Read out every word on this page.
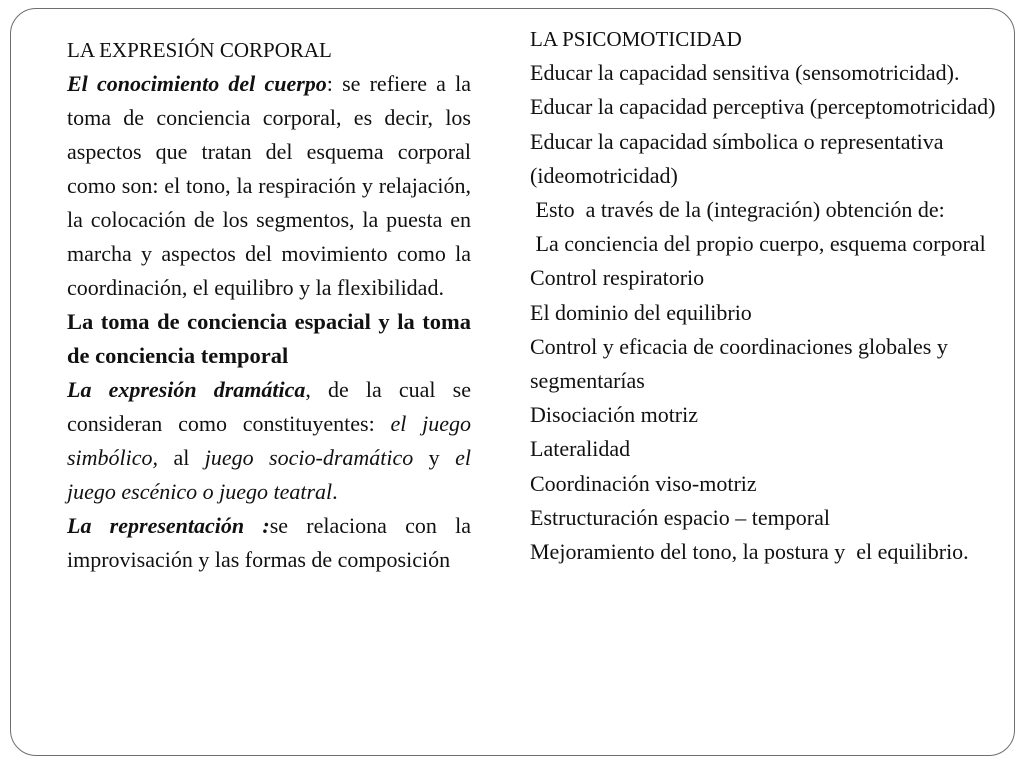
LA EXPRESIÓN CORPORAL
El conocimiento del cuerpo: se refiere a la toma de conciencia corporal, es decir, los aspectos que tratan del esquema corporal como son: el tono, la respiración y relajación, la colocación de los segmentos, la puesta en marcha y aspectos del movimiento como la coordinación, el equilibro y la flexibilidad.
La toma de conciencia espacial y la toma de conciencia temporal
La expresión dramática, de la cual se consideran como constituyentes: el juego simbólico, al juego socio-dramático y el juego escénico o juego teatral.
La representación :se relaciona con la improvisación y las formas de composición
LA PSICOMOTICIDAD
Educar la capacidad sensitiva (sensomotricidad).
Educar la capacidad perceptiva (perceptomotricidad)
Educar la capacidad símbolica o representativa (ideomotricidad)
Esto  a través de la (integración) obtención de:
La conciencia del propio cuerpo, esquema corporal
Control respiratorio
El dominio del equilibrio
Control y eficacia de coordinaciones globales y segmentarías
Disociación motriz
Lateralidad
Coordinación viso-motriz
Estructuración espacio – temporal
Mejoramiento del tono, la postura y  el equilibrio.
